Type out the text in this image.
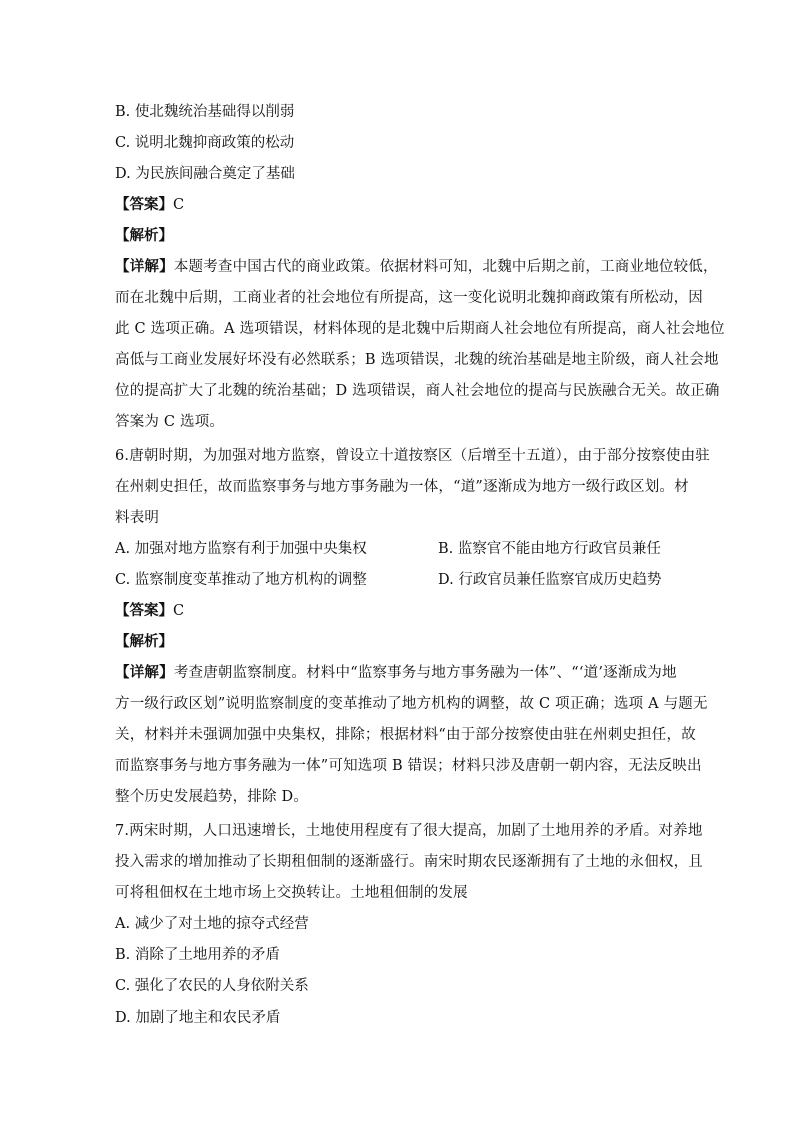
B. 使北魏统治基础得以削弱
C. 说明北魏抑商政策的松动
D. 为民族间融合奠定了基础
【答案】C
【解析】
【详解】本题考查中国古代的商业政策。依据材料可知，北魏中后期之前，工商业地位较低，
而在北魏中后期，工商业者的社会地位有所提高，这一变化说明北魏抑商政策有所松动，因
此 C 选项正确。A 选项错误，材料体现的是北魏中后期商人社会地位有所提高，商人社会地位
高低与工商业发展好坏没有必然联系；B 选项错误，北魏的统治基础是地主阶级，商人社会地
位的提高扩大了北魏的统治基础；D 选项错误，商人社会地位的提高与民族融合无关。故正确
答案为 C 选项。
6.唐朝时期，为加强对地方监察，曾设立十道按察区（后增至十五道），由于部分按察使由驻
在州刺史担任，故而监察事务与地方事务融为一体，“道”逐渐成为地方一级行政区划。材
料表明
A. 加强对地方监察有利于加强中央集权	B. 监察官不能由地方行政官员兼任
C. 监察制度变革推动了地方机构的调整	D. 行政官员兼任监察官成历史趋势
【答案】C
【解析】
【详解】考查唐朝监察制度。材料中“监察事务与地方事务融为一体”、“‘道’逐渐成为地
方一级行政区划”说明监察制度的变革推动了地方机构的调整，故 C 项正确；选项 A 与题无
关，材料并未强调加强中央集权，排除；根据材料“由于部分按察使由驻在州刺史担任，故
而监察事务与地方事务融为一体”可知选项 B 错误；材料只涉及唐朝一朝内容，无法反映出
整个历史发展趋势，排除 D。
7.两宋时期，人口迅速增长，土地使用程度有了很大提高，加剧了土地用养的矛盾。对养地
投入需求的增加推动了长期租佃制的逐渐盛行。南宋时期农民逐渐拥有了土地的永佃权，且
可将租佃权在土地市场上交换转让。土地租佃制的发展
A. 减少了对土地的掠夺式经营
B. 消除了土地用养的矛盾
C. 强化了农民的人身依附关系
D. 加剧了地主和农民矛盾
